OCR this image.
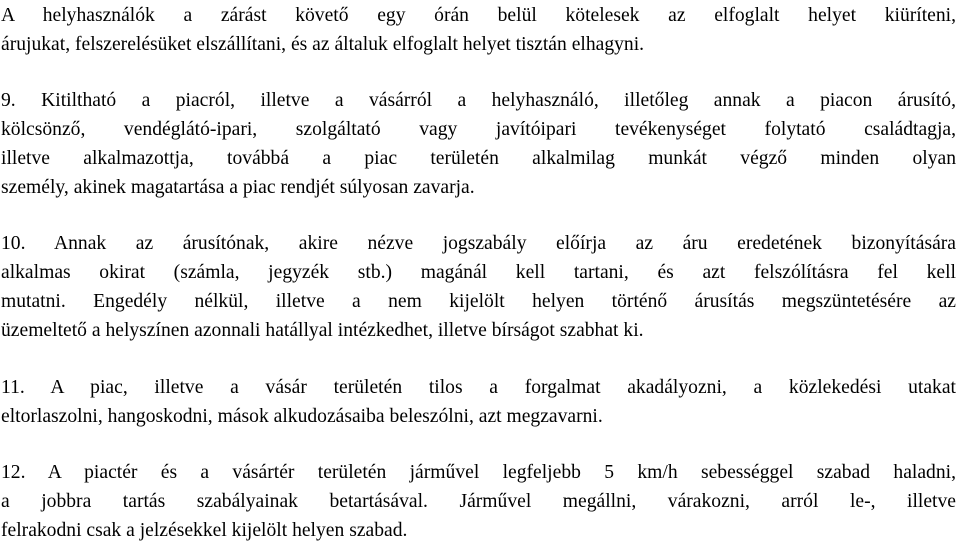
A helyhasználók a zárást követő egy órán belül kötelesek az elfoglalt helyet kiüríteni,
árujukat, felszerelésüket elszállítani, és az általuk elfoglalt helyet tisztán elhagyni.
9. Kitiltható a piacról, illetve a vásárról a helyhasználó, illetőleg annak a piacon árusító,
kölcsönző, vendéglátó-ipari, szolgáltató vagy javítóipari tevékenységet folytató családtagja,
illetve alkalmazottja, továbbá a piac területén alkalmilag munkát végző minden olyan
személy, akinek magatartása a piac rendjét súlyosan zavarja.
10. Annak az árusítónak, akire nézve jogszabály előírja az áru eredetének bizonyítására
alkalmas okirat (számla, jegyzék stb.) magánál kell tartani, és azt felszólításra fel kell
mutatni. Engedély nélkül, illetve a nem kijelölt helyen történő árusítás megszüntetésére az
üzemeltető a helyszínen azonnali hatállyal intézkedhet, illetve bírságot szabhat ki.
11. A piac, illetve a vásár területén tilos a forgalmat akadályozni, a közlekedési utakat
eltorlaszolni, hangoskodni, mások alkudozásaiba beleszólni, azt megzavarni.
12. A piactér és a vásártér területén járművel legfeljebb 5 km/h sebességgel szabad haladni,
a jobbra tartás szabályainak betartásával. Járművel megállni, várakozni, arról le-, illetve
felrakodni csak a jelzésekkel kijelölt helyen szabad.
